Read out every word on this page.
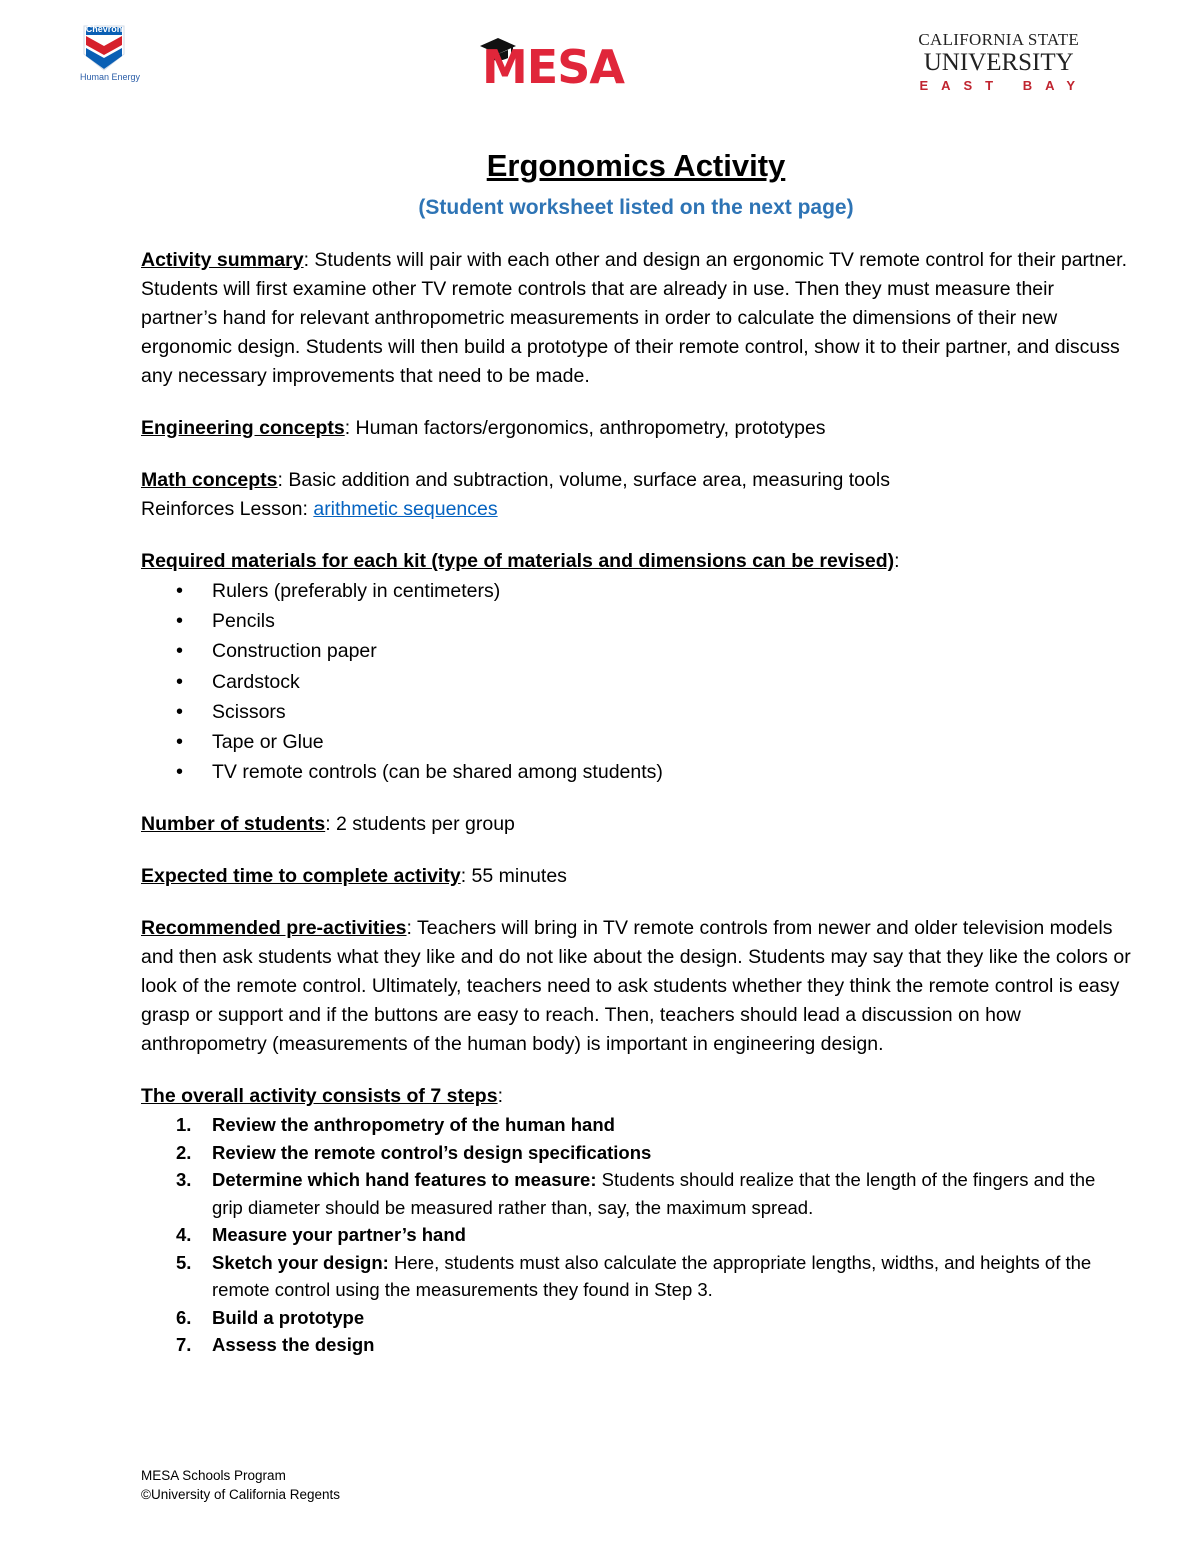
Chevron
Human Energy	MESA
CALIFORNIA STATE
UNIVERSITY
EAST BAY
Ergonomics Activity
(Student worksheet listed on the next page)

Activity summary: Students will pair with each other and design an ergonomic TV remote control for their partner. Students will first examine other TV remote controls that are already in use. Then they must measure their partner’s hand for relevant anthropometric measurements in order to calculate the dimensions of their new ergonomic design. Students will then build a prototype of their remote control, show it to their partner, and discuss any necessary improvements that need to be made.

Engineering concepts: Human factors/ergonomics, anthropometry, prototypes

Math concepts: Basic addition and subtraction, volume, surface area, measuring tools

Reinforces Lesson: arithmetic sequences

Required materials for each kit (type of materials and dimensions can be revised):

• Rulers (preferably in centimeters)
• Pencils
• Construction paper
• Cardstock
• Scissors
• Tape or Glue
• TV remote controls (can be shared among students)

Number of students: 2 students per group

Expected time to complete activity: 55 minutes

Recommended pre-activities: Teachers will bring in TV remote controls from newer and older television models and then ask students what they like and do not like about the design. Students may say that they like the colors or look of the remote control. Ultimately, teachers need to ask students whether they think the remote control is easy grasp or support and if the buttons are easy to reach. Then, teachers should lead a discussion on how anthropometry (measurements of the human body) is important in engineering design.

The overall activity consists of 7 steps:

1. Review the anthropometry of the human hand
2. Review the remote control’s design specifications
3. Determine which hand features to measure: Students should realize that the length of the fingers and the grip diameter should be measured rather than, say, the maximum spread.
4. Measure your partner’s hand
5. Sketch your design: Here, students must also calculate the appropriate lengths, widths, and heights of the remote control using the measurements they found in Step 3.
6. Build a prototype
7. Assess the design
MESA Schools Program
©University of California Regents
